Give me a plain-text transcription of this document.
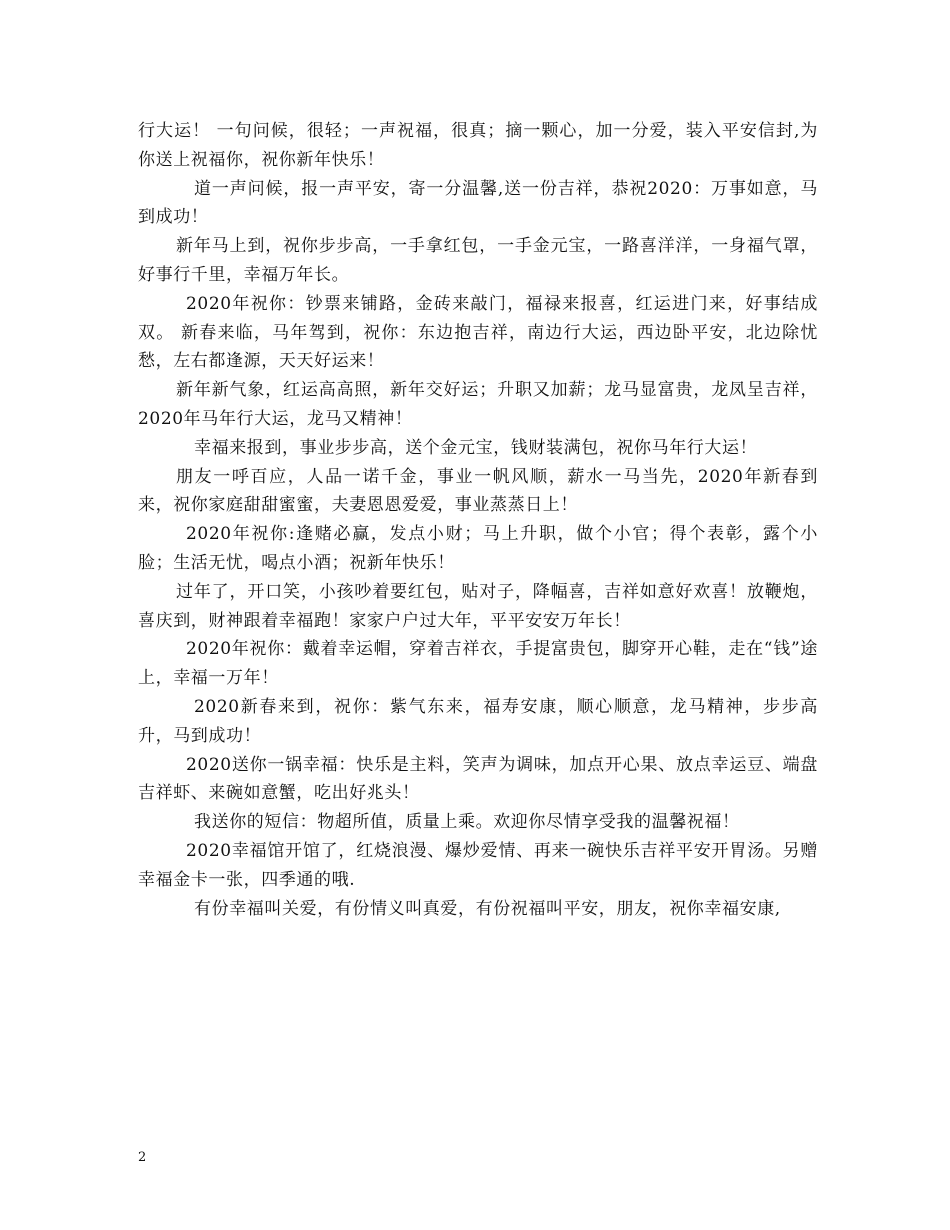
行大运！ 一句问候，很轻；一声祝福，很真；摘一颗心，加一分爱，装入平安信封,为你送上祝福你，祝你新年快乐！

道一声问候，报一声平安，寄一分温馨,送一份吉祥，恭祝2020：万事如意，马到成功！

新年马上到，祝你步步高，一手拿红包，一手金元宝，一路喜洋洋，一身福气罩，好事行千里，幸福万年长。

2020年祝你：钞票来铺路，金砖来敲门，福禄来报喜，红运进门来，好事结成双。 新春来临，马年驾到，祝你：东边抱吉祥，南边行大运，西边卧平安，北边除忧愁，左右都逢源，天天好运来！

新年新气象，红运高高照，新年交好运；升职又加薪；龙马显富贵，龙凤呈吉祥，2020年马年行大运，龙马又精神！

幸福来报到，事业步步高，送个金元宝，钱财装满包，祝你马年行大运！

朋友一呼百应，人品一诺千金，事业一帆风顺，薪水一马当先，2020年新春到来，祝你家庭甜甜蜜蜜，夫妻恩恩爱爱，事业蒸蒸日上！

2020年祝你:逢赌必赢，发点小财；马上升职，做个小官；得个表彰，露个小脸；生活无忧，喝点小酒；祝新年快乐！

过年了，开口笑，小孩吵着要红包，贴对子，降幅喜，吉祥如意好欢喜！放鞭炮，喜庆到，财神跟着幸福跑！家家户户过大年，平平安安万年长！

2020年祝你：戴着幸运帽，穿着吉祥衣，手提富贵包，脚穿开心鞋，走在“钱”途上，幸福一万年！

2020新春来到，祝你：紫气东来，福寿安康，顺心顺意，龙马精神，步步高升，马到成功！

2020送你一锅幸福：快乐是主料，笑声为调味，加点开心果、放点幸运豆、端盘吉祥虾、来碗如意蟹，吃出好兆头！

我送你的短信：物超所值，质量上乘。欢迎你尽情享受我的温馨祝福！

2020幸福馆开馆了，红烧浪漫、爆炒爱情、再来一碗快乐吉祥平安开胃汤。另赠幸福金卡一张，四季通的哦.

有份幸福叫关爱，有份情义叫真爱，有份祝福叫平安，朋友，祝你幸福安康,

2
